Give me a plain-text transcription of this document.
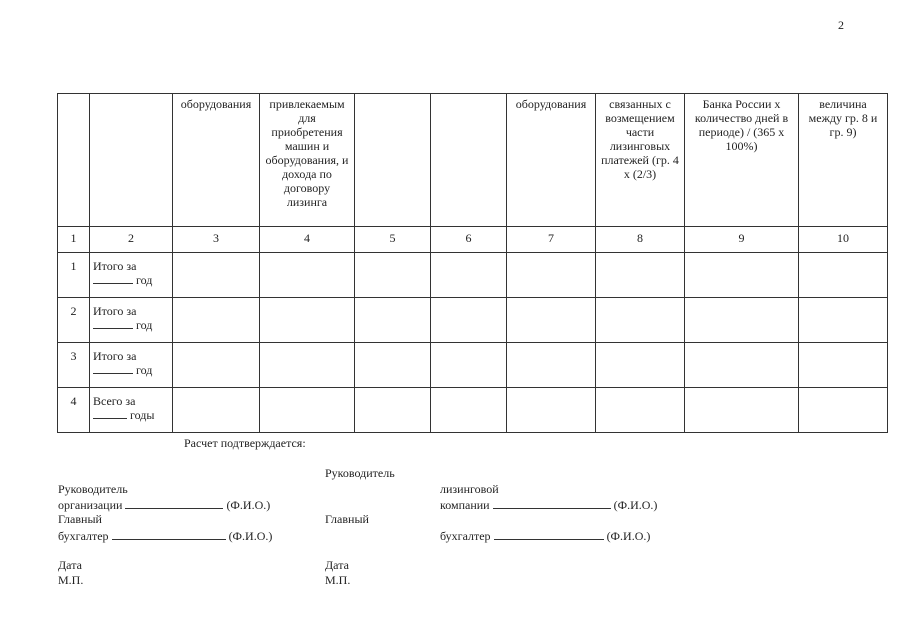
2
		оборудования	привлекаемым для приобретения машин и оборудования, и дохода по договору лизинга			оборудования	связанных с возмещением части лизинговых платежей (гр. 4 х (2/3)	Банка России х количество дней в периоде) / (365 х 100%)	величина между гр. 8 и гр. 9)
1	2	3	4	5	6	7	8	9	10
1	Итого за
год								
2	Итого за
год								
3	Итого за
год								
4	Всего за
годы								
Расчет подтверждается:
Руководитель
организации	(Ф.И.О.)
Главный
бухгалтер	(Ф.И.О.)
Дата
М.П.
Руководитель
лизинговой
компании	(Ф.И.О.)
Главный
бухгалтер	(Ф.И.О.)
Дата
М.П.
